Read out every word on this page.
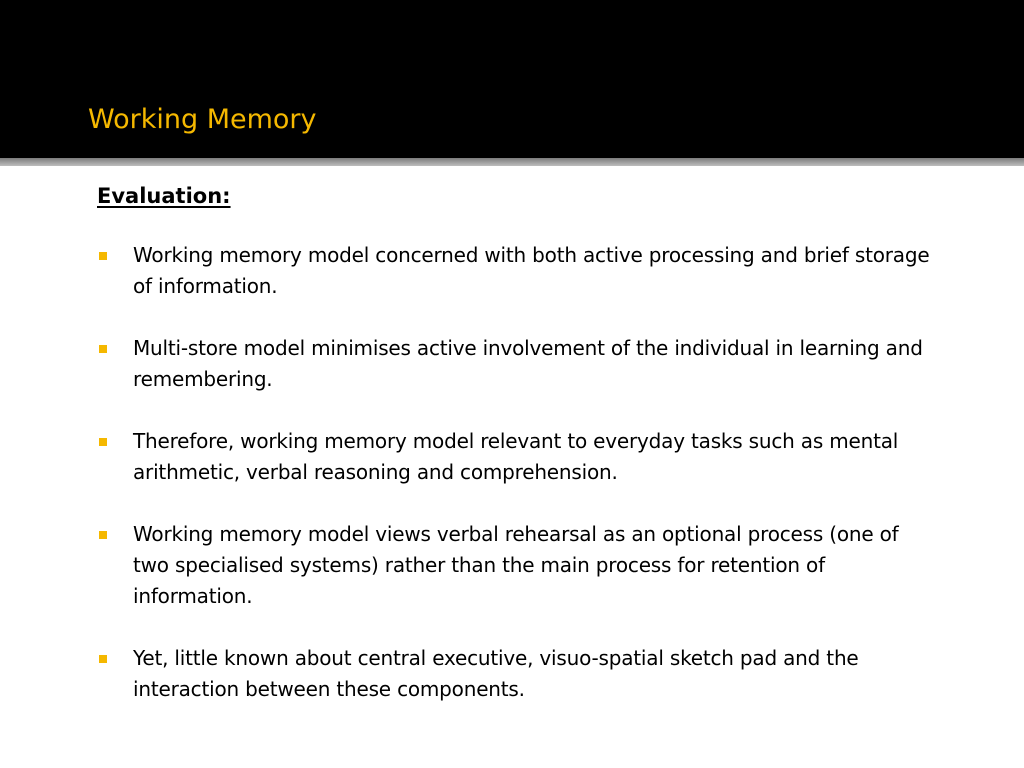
Working Memory
Evaluation:
Working memory model concerned with both active processing and brief storage of information.
Multi-store model minimises active involvement of the individual in learning and remembering.
Therefore, working memory model relevant to everyday tasks such as mental arithmetic, verbal reasoning and comprehension.
Working memory model views verbal rehearsal as an optional process (one of two specialised systems) rather than the main process for retention of information.
Yet, little known about central executive, visuo-spatial sketch pad and the interaction between these components.
